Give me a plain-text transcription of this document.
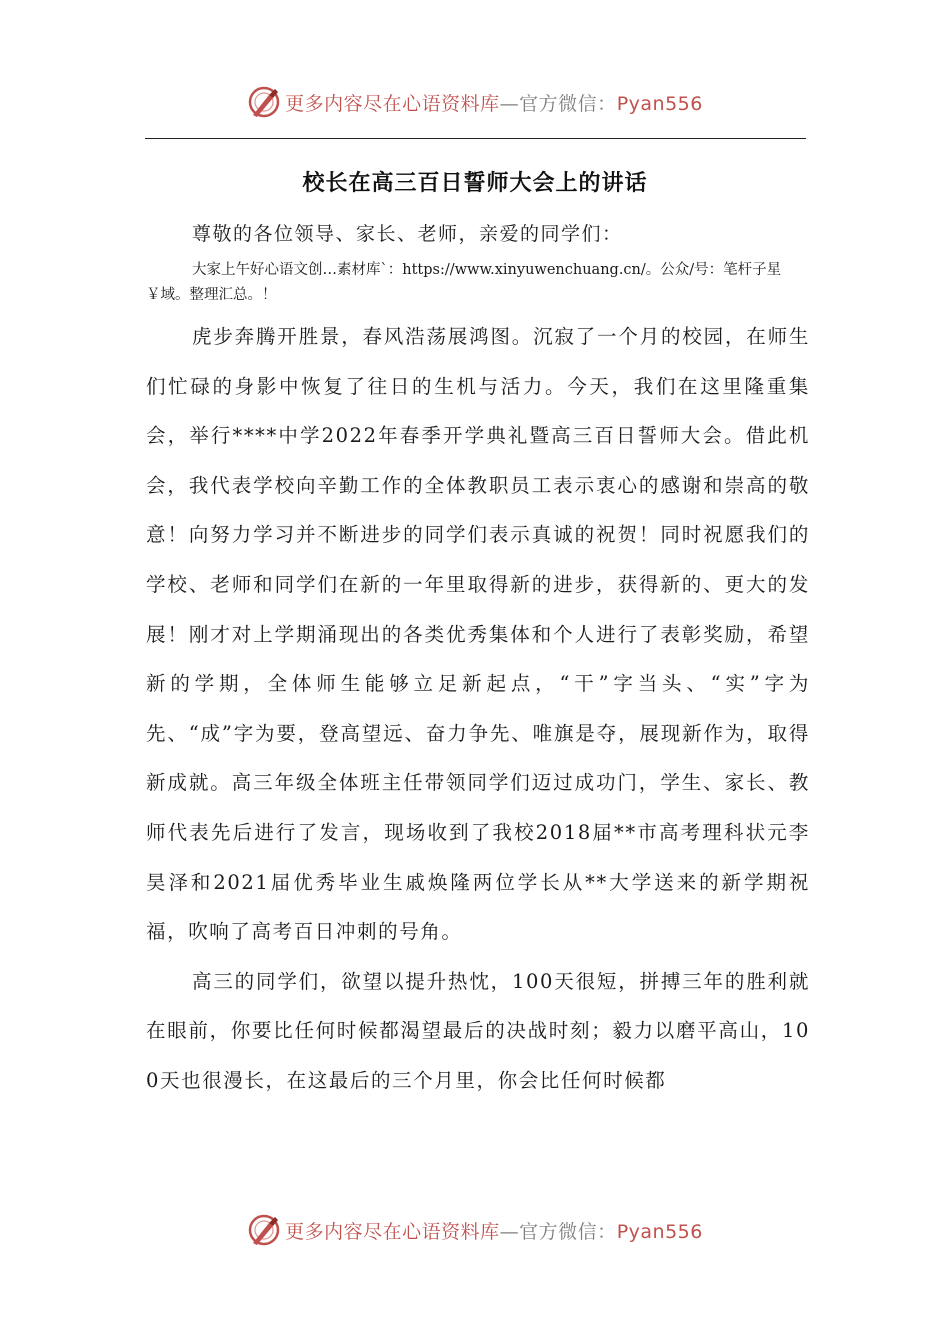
更多内容尽在心语资料库—官方微信：Pyan556
校长在高三百日誓师大会上的讲话
尊敬的各位领导、家长、老师，亲爱的同学们：
大家上午好心语文创…素材库`：https://www.xinyuwenchuang.cn/。公众/号：笔杆子星￥域。整理汇总。！

虎步奔腾开胜景，春风浩荡展鸿图。沉寂了一个月的校园，在师生们忙碌的身影中恢复了往日的生机与活力。今天，我们在这里隆重集会，举行****中学2022年春季开学典礼暨高三百日誓师大会。借此机会，我代表学校向辛勤工作的全体教职员工表示衷心的感谢和崇高的敬意！向努力学习并不断进步的同学们表示真诚的祝贺！同时祝愿我们的学校、老师和同学们在新的一年里取得新的进步，获得新的、更大的发展！刚才对上学期涌现出的各类优秀集体和个人进行了表彰奖励，希望新的学期，全体师生能够立足新起点，“干”字当头、“实”字为先、“成”字为要，登高望远、奋力争先、唯旗是夺，展现新作为，取得新成就。高三年级全体班主任带领同学们迈过成功门，学生、家长、教师代表先后进行了发言，现场收到了我校2018届**市高考理科状元李昊泽和2021届优秀毕业生戚焕隆两位学长从**大学送来的新学期祝福，吹响了高考百日冲刺的号角。

高三的同学们，欲望以提升热忱，100天很短，拼搏三年的胜利就在眼前，你要比任何时候都渴望最后的决战时刻；毅力以磨平高山，100天也很漫长，在这最后的三个月里，你会比任何时候都

更多内容尽在心语资料库—官方微信：Pyan556
